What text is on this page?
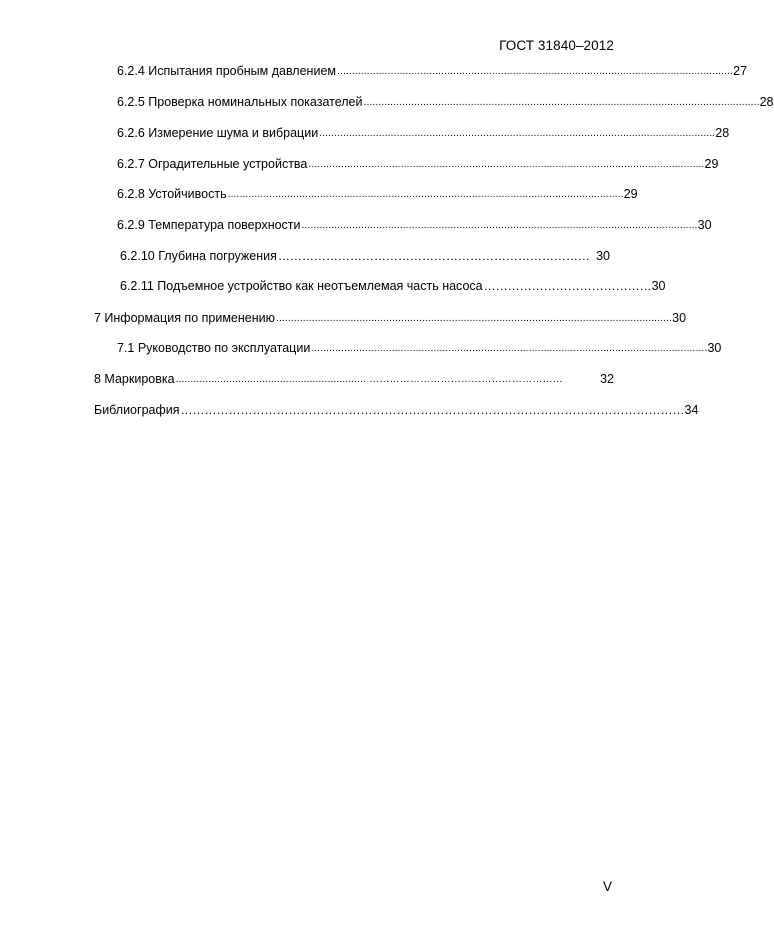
ГОСТ 31840–2012
6.2.4 Испытания пробным давлением ..................................................................................................................................... 27
6.2.5 Проверка номинальных показателей ..................................................................................................................................... 28
6.2.6 Измерение шума и вибрации ..................................................................................................................................... 28
6.2.7 Оградительные устройства ..................................................................................................................................... 29
6.2.8 Устойчивость ..................................................................................................................................... 29
6.2.9 Температура поверхности ..................................................................................................................................... 30
6.2.10 Глубина погружения …………………………………………………………………… 30
6.2.11 Подъемное устройство как неотъемлемая часть насоса …………………………………… 30
7 Информация по применению ..................................................................................................................................... 30
7.1 Руководство по эксплуатации ..................................................................................................................................... 30
8 Маркировка ................................................................ …………………………………………………	32
Библиография ……………………………………………………………………………………………………………… 34
V
